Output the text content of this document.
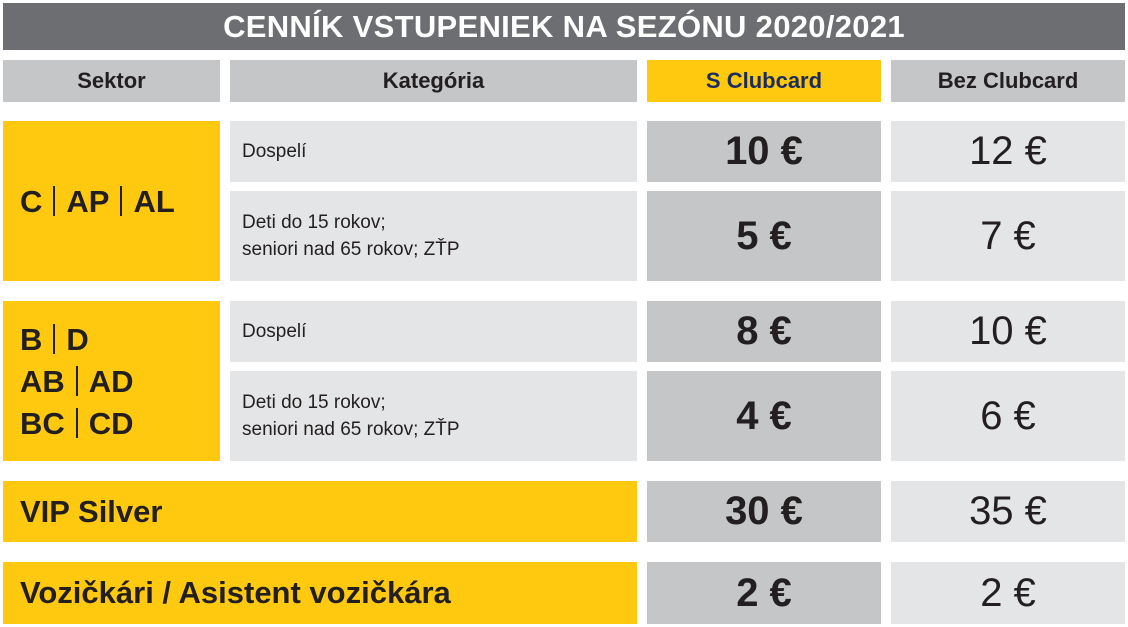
CENNÍK VSTUPENIEK NA SEZÓNU 2020/2021
Sektor	Kategória	S Clubcard	Bez Clubcard
C AP AL
Dospelí	10 €	12 €
Deti do 15 rokov;
seniori nad 65 rokov; ZŤP	5 €	7 €
B D
AB AD
BC CD
Dospelí	8 €	10 €
Deti do 15 rokov;
seniori nad 65 rokov; ZŤP	4 €	6 €
VIP Silver	30 €	35 €
Vozičkári / Asistent vozičkára	2 €	2 €
